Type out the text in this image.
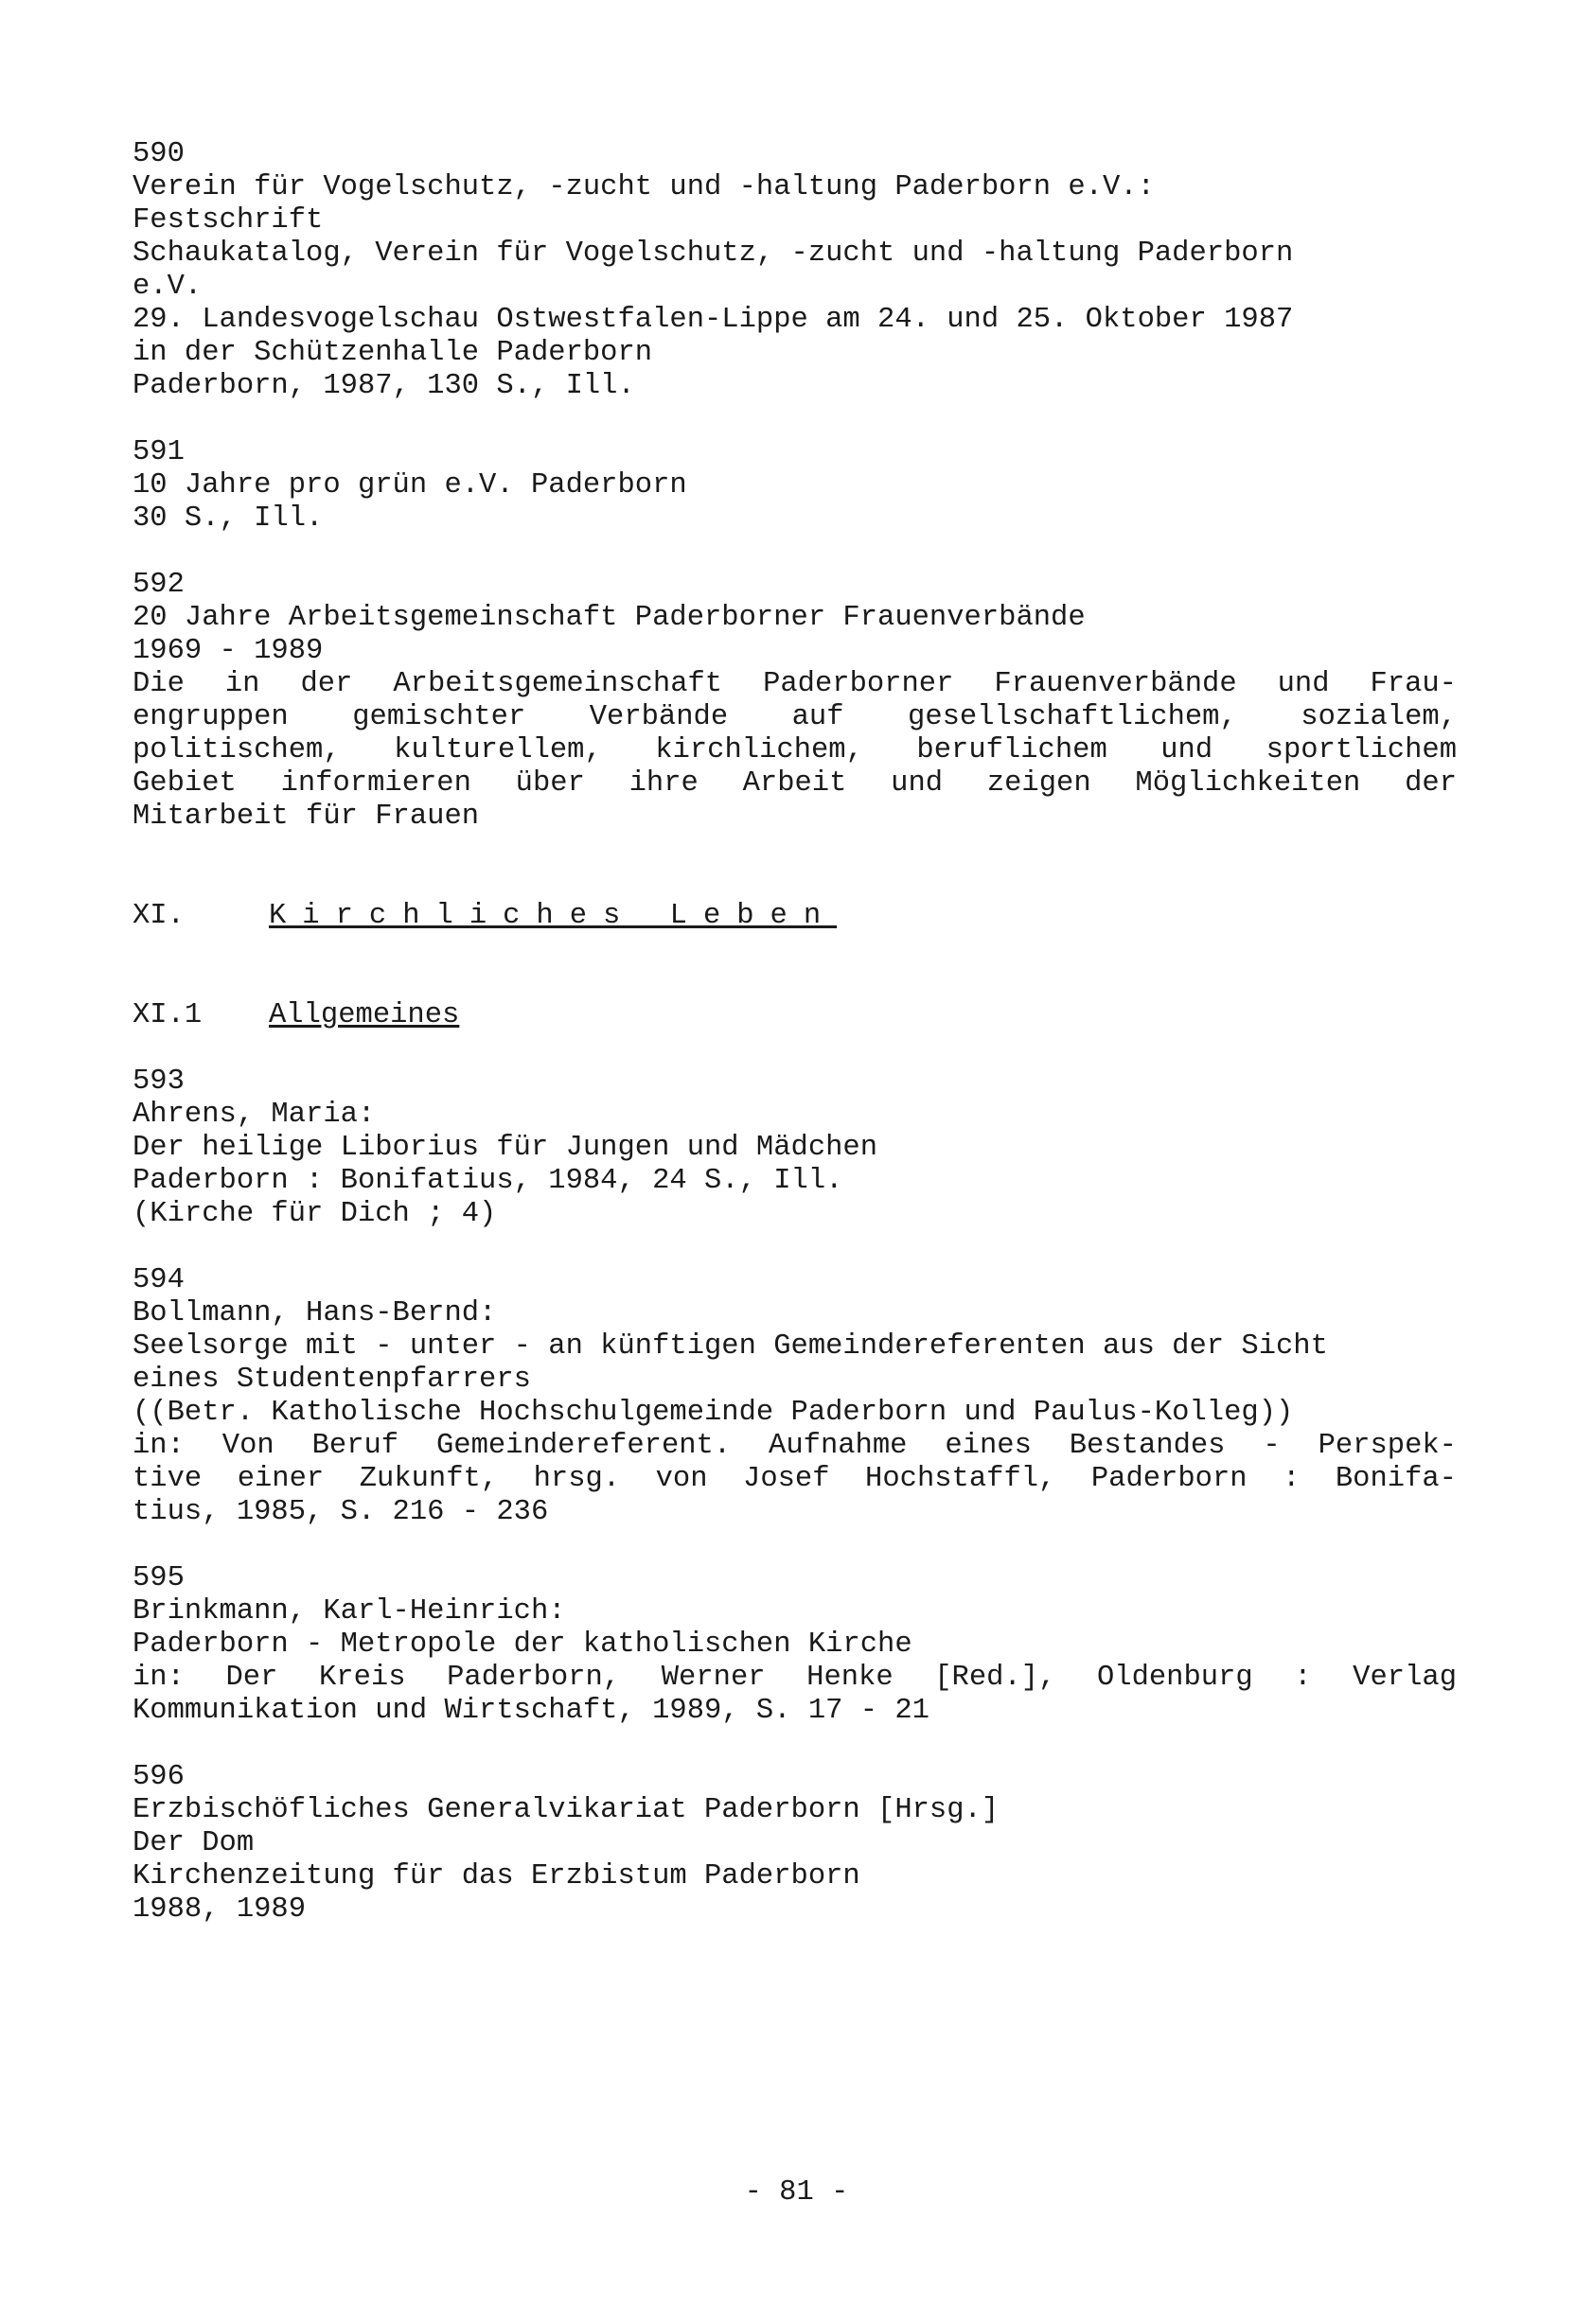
590
Verein für Vogelschutz, -zucht und -haltung Paderborn e.V.:
Festschrift
Schaukatalog, Verein für Vogelschutz, -zucht und -haltung Paderborn
e.V.
29. Landesvogelschau Ostwestfalen-Lippe am 24. und 25. Oktober 1987
in der Schützenhalle Paderborn
Paderborn, 1987, 130 S., Ill.
591
10 Jahre pro grün e.V. Paderborn
30 S., Ill.
592
20 Jahre Arbeitsgemeinschaft Paderborner Frauenverbände
1969 - 1989
Die in der Arbeitsgemeinschaft Paderborner Frauenverbände und Frau-
engruppen gemischter Verbände auf gesellschaftlichem, sozialem,
politischem, kulturellem, kirchlichem, beruflichem und sportlichem
Gebiet informieren über ihre Arbeit und zeigen Möglichkeiten der
Mitarbeit für Frauen
XI.	Kirchliches Leben
XI.1	Allgemeines
593
Ahrens, Maria:
Der heilige Liborius für Jungen und Mädchen
Paderborn : Bonifatius, 1984, 24 S., Ill.
(Kirche für Dich ; 4)
594
Bollmann, Hans-Bernd:
Seelsorge mit - unter - an künftigen Gemeindereferenten aus der Sicht
eines Studentenpfarrers
((Betr. Katholische Hochschulgemeinde Paderborn und Paulus-Kolleg))
in: Von Beruf Gemeindereferent. Aufnahme eines Bestandes - Perspek-
tive einer Zukunft, hrsg. von Josef Hochstaffl, Paderborn : Bonifa-
tius, 1985, S. 216 - 236
595
Brinkmann, Karl-Heinrich:
Paderborn - Metropole der katholischen Kirche
in: Der Kreis Paderborn, Werner Henke [Red.], Oldenburg : Verlag
Kommunikation und Wirtschaft, 1989, S. 17 - 21
596
Erzbischöfliches Generalvikariat Paderborn [Hrsg.]
Der Dom
Kirchenzeitung für das Erzbistum Paderborn
1988, 1989
- 81 -
